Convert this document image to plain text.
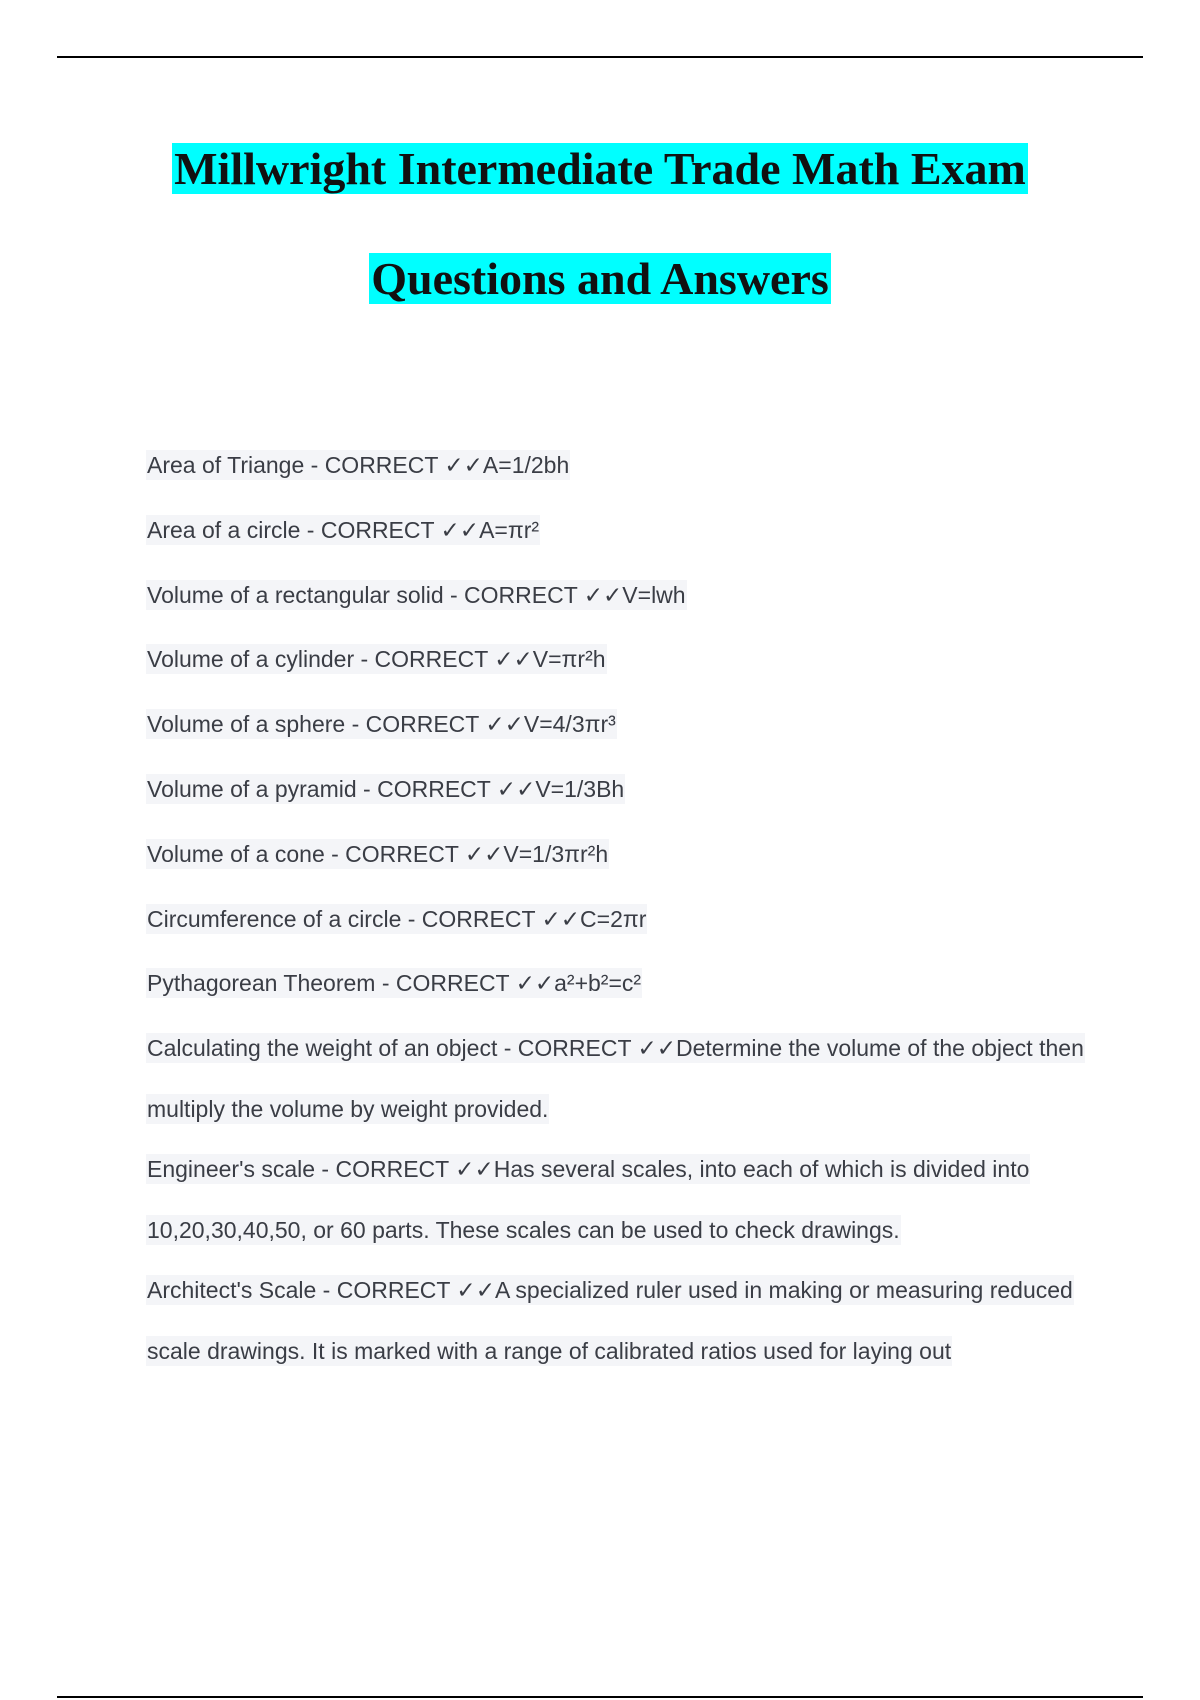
Millwright Intermediate Trade Math Exam
Questions and Answers

Area of Triange - CORRECT ✓✓A=1/2bh

Area of a circle - CORRECT ✓✓A=πr²

Volume of a rectangular solid - CORRECT ✓✓V=lwh

Volume of a cylinder - CORRECT ✓✓V=πr²h

Volume of a sphere - CORRECT ✓✓V=4/3πr³

Volume of a pyramid - CORRECT ✓✓V=1/3Bh

Volume of a cone - CORRECT ✓✓V=1/3πr²h

Circumference of a circle - CORRECT ✓✓C=2πr

Pythagorean Theorem - CORRECT ✓✓a²+b²=c²

Calculating the weight of an object - CORRECT ✓✓Determine the volume of the object then multiply the volume by weight provided.

Engineer's scale - CORRECT ✓✓Has several scales, into each of which is divided into 10,20,30,40,50, or 60 parts. These scales can be used to check drawings.

Architect's Scale - CORRECT ✓✓A specialized ruler used in making or measuring reduced scale drawings. It is marked with a range of calibrated ratios used for laying out
